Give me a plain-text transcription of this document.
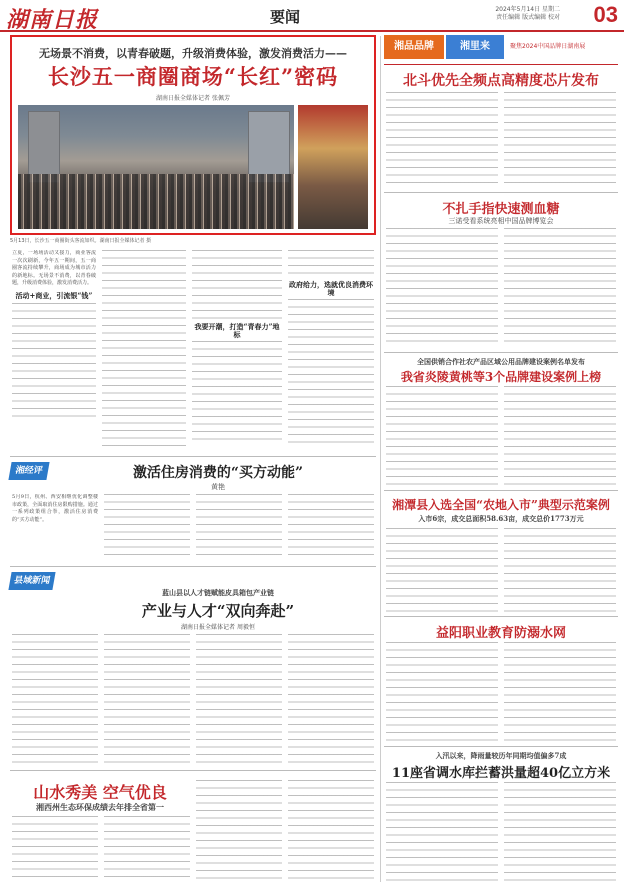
湖南日报	要闻	2024年5月14日 星期二
责任编辑 版式编辑 校对	03
无场景不消费，以青春破题，升级消费体验，激发消费活力——
长沙五一商圈商场“长红”密码
湖南日报全媒体记者 张佩芳
5月13日，长沙五一商圈街头客流如织。湖南日报全媒体记者 摄
立夏，一场场活动又接力，商业客流一次次刷新，今年五一期间，五一商圈客流持续攀升，商场成为城市活力的新地标。无场景不消费，以青春破题，升级消费体验，激发消费活力。
活动+商业，引流银“钱”
我要开潮，打造“青春力”地标
政府给力，选就优良消费环境
湘品品牌	湘里来	聚焦2024中国品牌日湖南展
北斗优先全频点高精度芯片发布
不扎手指快速测血糖
三诺受看系统亮相中国品牌博览会
全国供销合作社农产品区域公用品牌建设案例名单发布
我省炎陵黄桃等3个品牌建设案例上榜
湘潭县入选全国“农地入市”典型示范案例
入市6宗，成交总面积58.63亩，成交总价1773万元
益阳职业教育防溺水网
入汛以来，降雨量较历年同期均值偏多7成
11座省调水库拦蓄洪量超40亿立方米
湘经评	激活住房消费的“买方动能”
黄艳
5月9日，杭州、西安相继优化调整楼市政策，全面取消住房限购措施。通过一系列政策组合拳，激活住房消费的“买方动能”。
县域新闻
蓝山县以人才链赋能皮具箱包产业链
产业与人才“双向奔赴”
湖南日报全媒体记者 周毅恒
山水秀美 空气优良
湘西州生态环保成绩去年排全省第一
